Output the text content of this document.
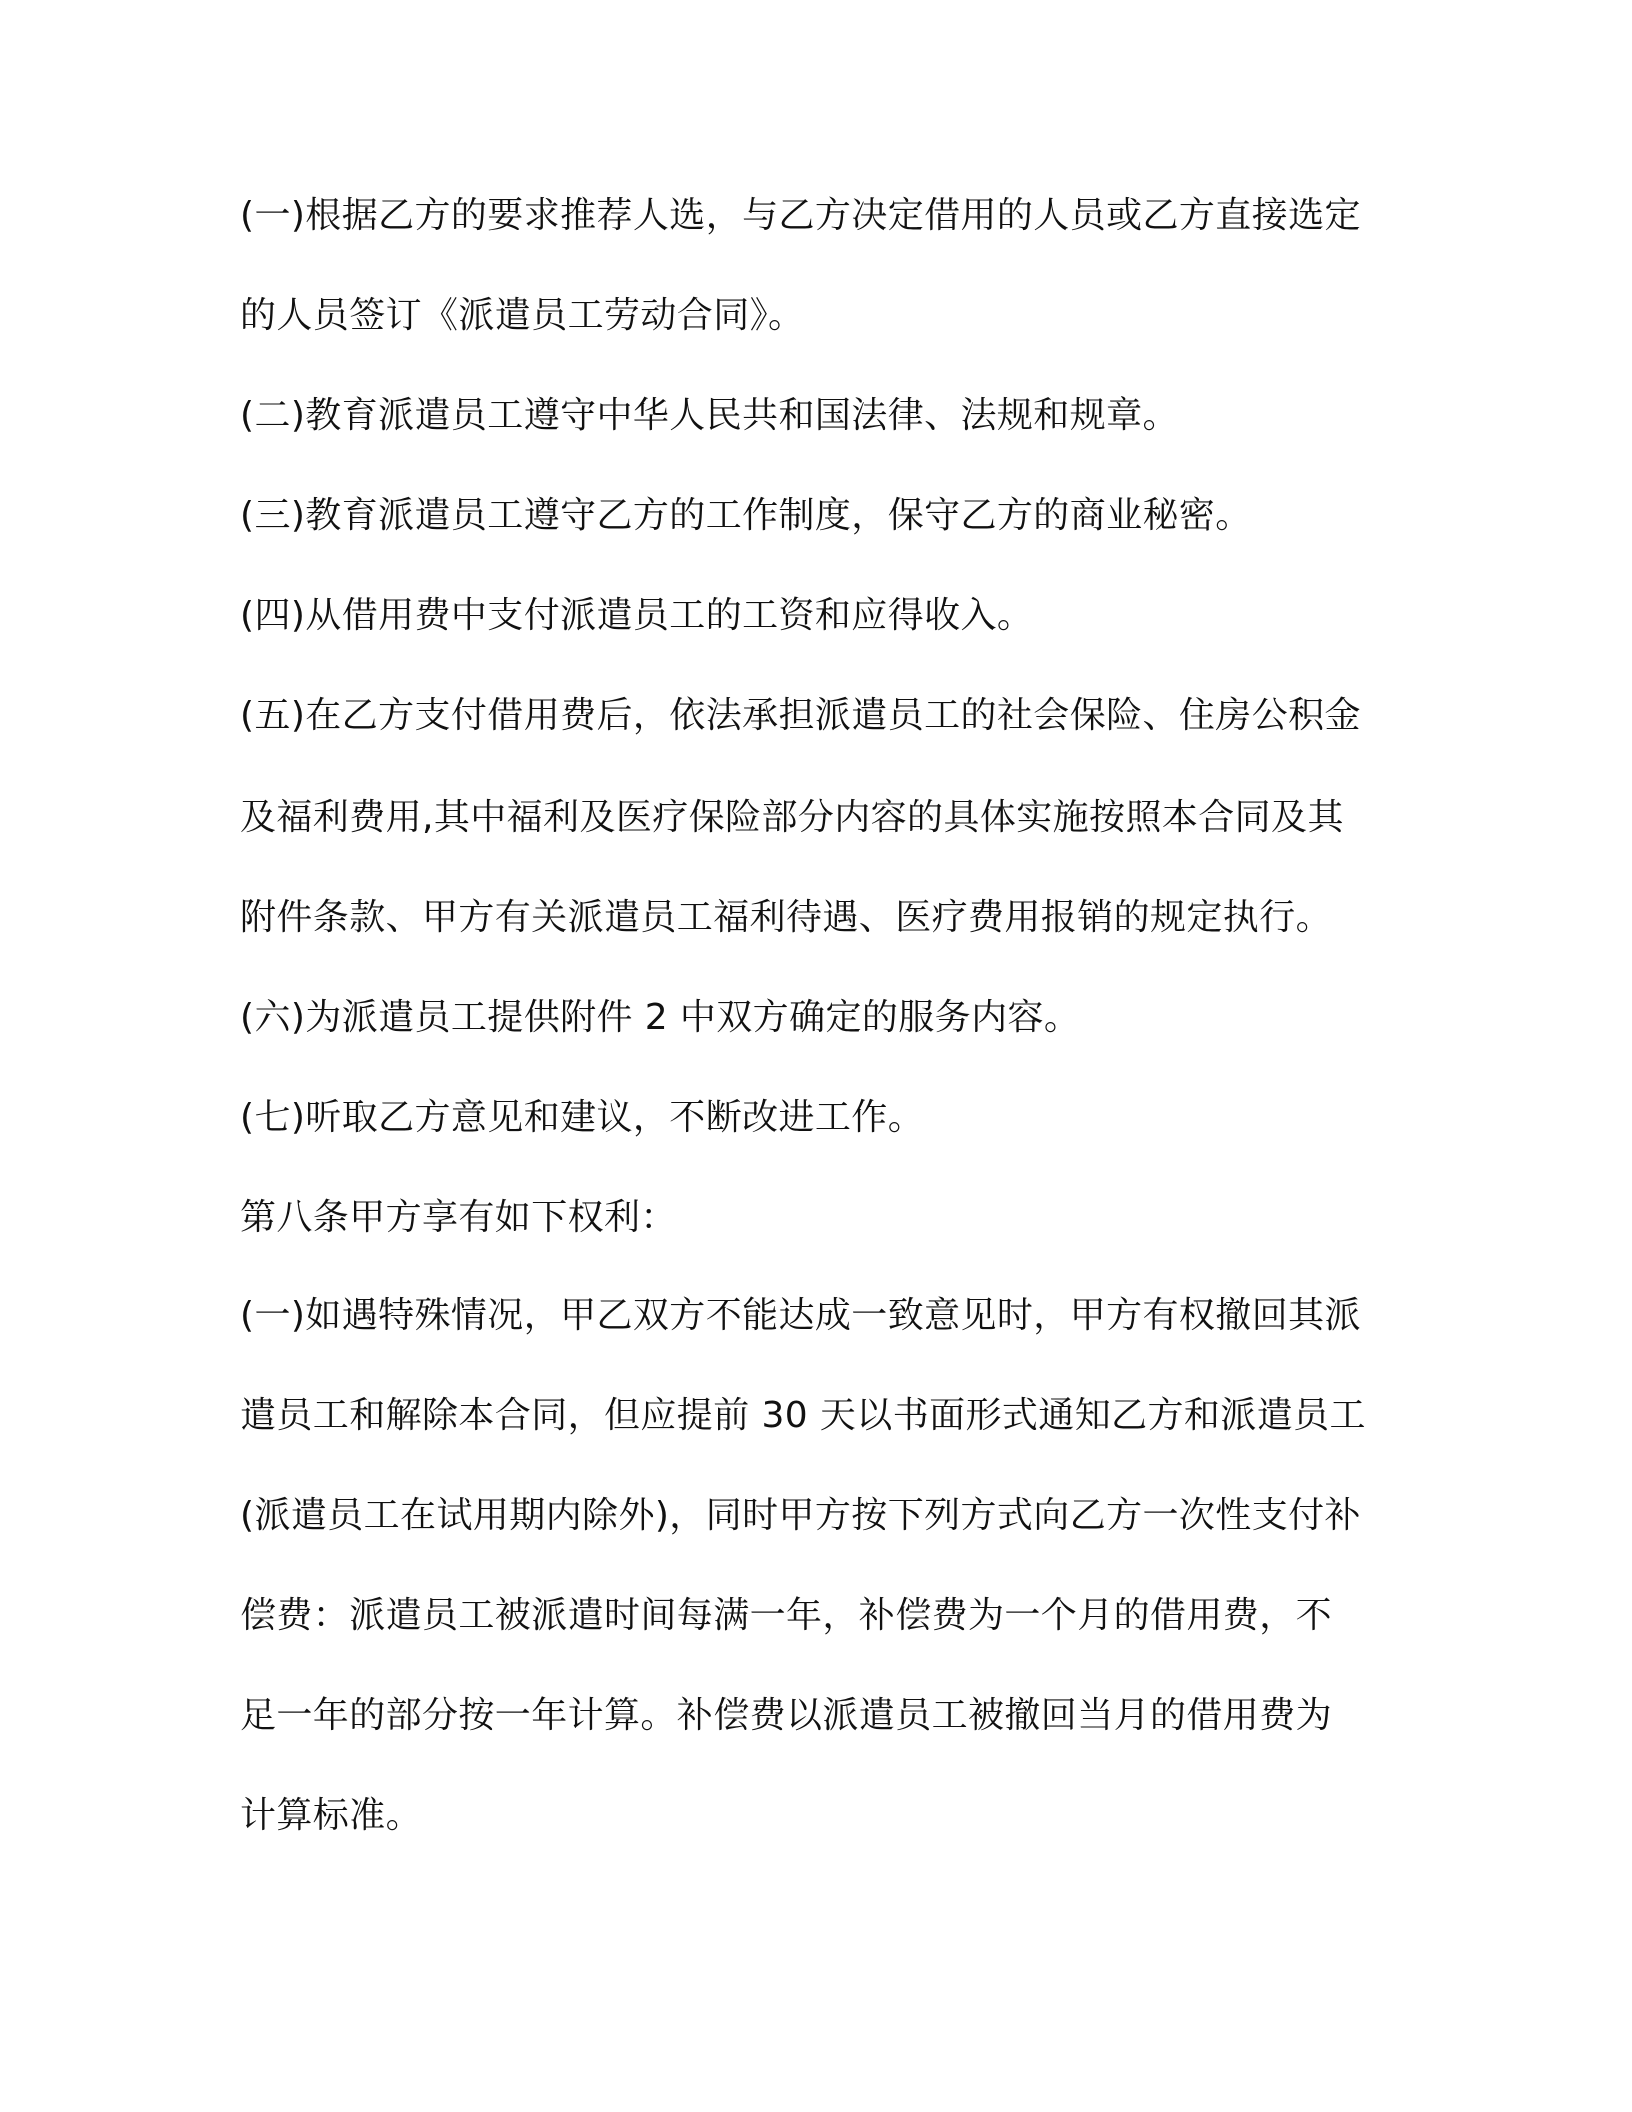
(一)根据乙方的要求推荐人选，与乙方决定借用的人员或乙方直接选定

的人员签订《派遣员工劳动合同》。

(二)教育派遣员工遵守中华人民共和国法律、法规和规章。

(三)教育派遣员工遵守乙方的工作制度，保守乙方的商业秘密。

(四)从借用费中支付派遣员工的工资和应得收入。

(五)在乙方支付借用费后，依法承担派遣员工的社会保险、住房公积金

及福利费用,其中福利及医疗保险部分内容的具体实施按照本合同及其

附件条款、甲方有关派遣员工福利待遇、医疗费用报销的规定执行。

(六)为派遣员工提供附件 2 中双方确定的服务内容。

(七)听取乙方意见和建议，不断改进工作。

第八条甲方享有如下权利：

(一)如遇特殊情况，甲乙双方不能达成一致意见时，甲方有权撤回其派

遣员工和解除本合同，但应提前 30 天以书面形式通知乙方和派遣员工

(派遣员工在试用期内除外)，同时甲方按下列方式向乙方一次性支付补

偿费：派遣员工被派遣时间每满一年，补偿费为一个月的借用费，不

足一年的部分按一年计算。补偿费以派遣员工被撤回当月的借用费为

计算标准。
